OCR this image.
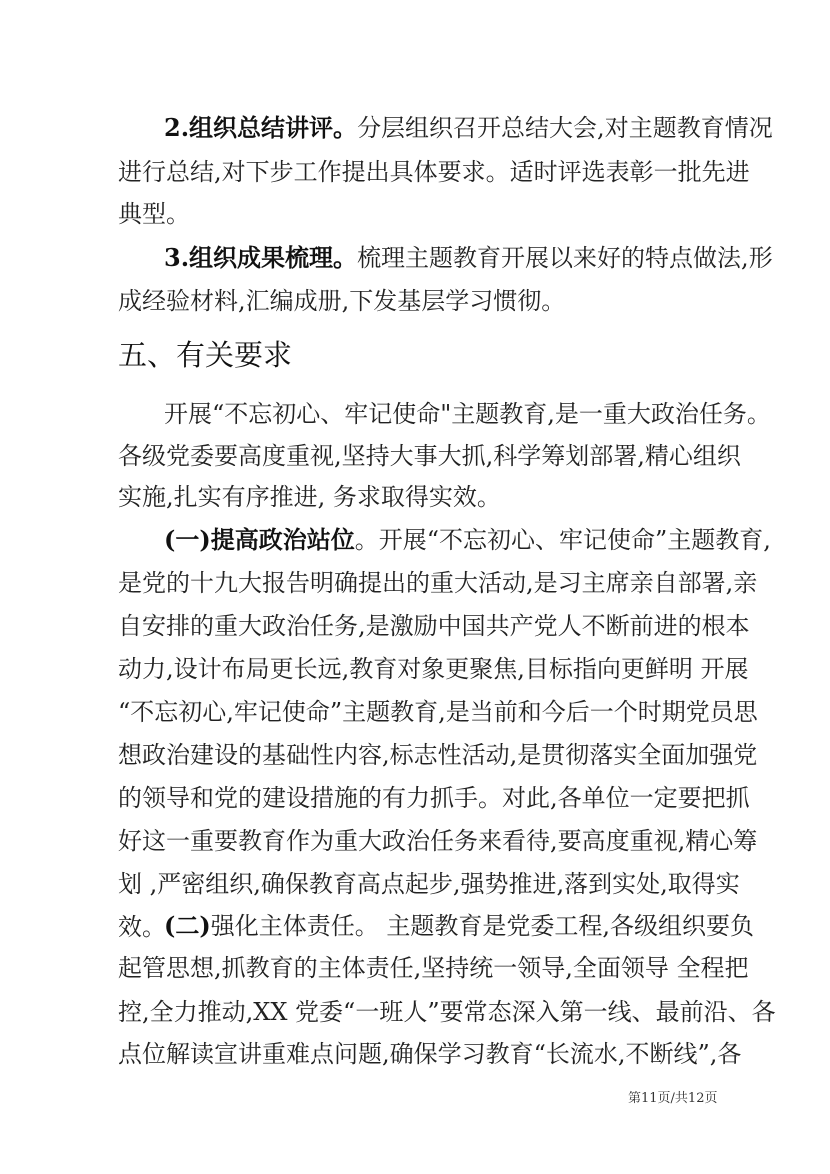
2.组织总结讲评。分层组织召开总结大会,对主题教育情况
进行总结,对下步工作提出具体要求。适时评选表彰一批先进
典型。
3.组织成果梳理。梳理主题教育开展以来好的特点做法,形
成经验材料,汇编成册,下发基层学习惯彻。
五、有关要求
开展“不忘初心、牢记使命"主题教育,是一重大政治任务。
各级党委要高度重视,坚持大事大抓,科学筹划部署,精心组织
实施,扎实有序推进, 务求取得实效。
(一)提高政治站位。开展“不忘初心、牢记使命”主题教育,
是党的十九大报告明确提出的重大活动,是习主席亲自部署,亲
自安排的重大政治任务,是激励中国共产党人不断前进的根本
动力,设计布局更长远,教育对象更聚焦,目标指向更鲜明 开展
“不忘初心,牢记使命”主题教育,是当前和今后一个时期党员思
想政治建设的基础性内容,标志性活动,是贯彻落实全面加强党
的领导和党的建设措施的有力抓手。对此,各单位一定要把抓
好这一重要教育作为重大政治任务来看待,要高度重视,精心筹
划 ,严密组织,确保教育高点起步,强势推进,落到实处,取得实
效。
(二)强化主体责任。 主题教育是党委工程,各级组织要负
起管思想,抓教育的主体责任,坚持统一领导,全面领导 全程把
控,全力推动,XX 党委“一班人”要常态深入第一线、最前沿、各
点位解读宣讲重难点问题,确保学习教育“长流水,不断线”,各
第11页/共12页
